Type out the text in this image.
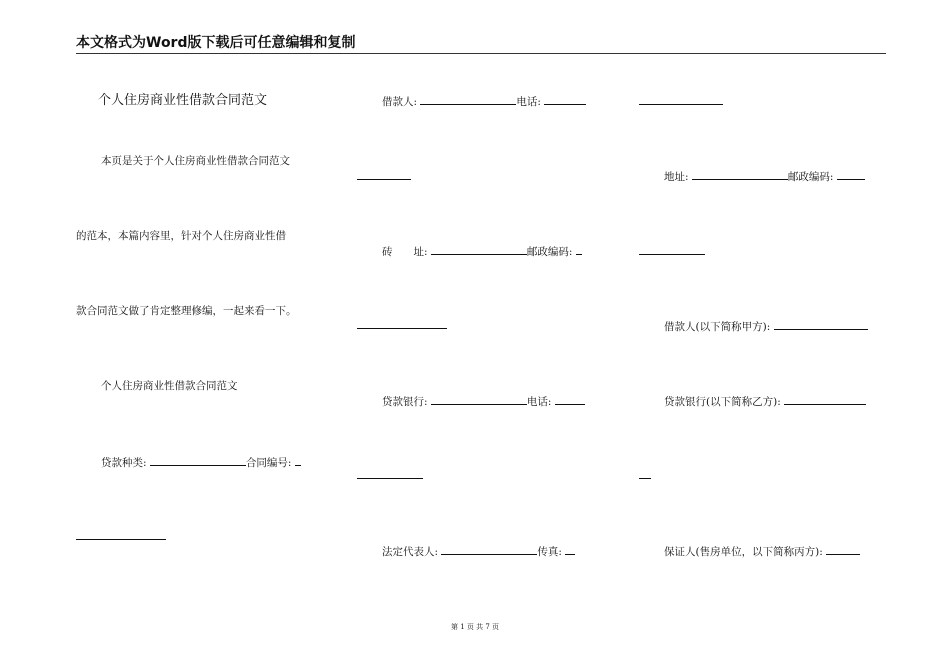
本文格式为Word版下载后可任意编辑和复制
个人住房商业性借款合同范文
本页是关于个人住房商业性借款合同范文
的范本，本篇内容里，针对个人住房商业性借
款合同范文做了肯定整理修编，一起来看一下。
个人住房商业性借款合同范文
贷款种类:	合同编号:
借款人:	电话:
砖　　址:	邮政编码:
贷款银行:	电话:
法定代表人:	传真:
地址:	邮政编码:
借款人(以下简称甲方):
贷款银行(以下简称乙方):
保证人(售房单位，以下简称丙方):
第 1 页 共 7 页
